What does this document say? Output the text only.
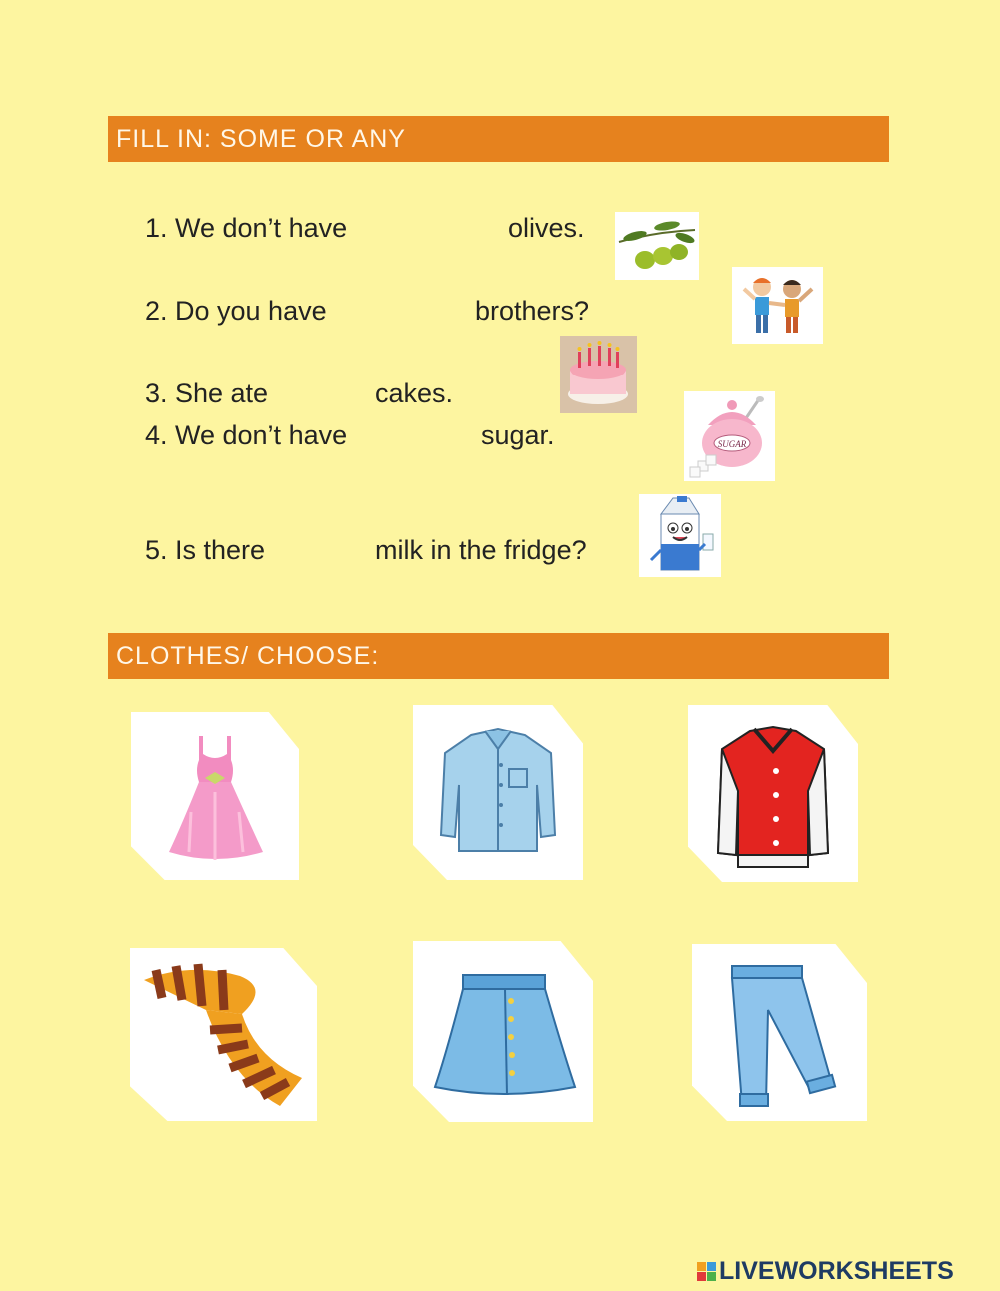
FILL IN: SOME OR ANY
1. We don’t have	olives.
2. Do you have	brothers?
3. She ate	cakes.
4. We don’t have	sugar.
5. Is there	milk in the fridge?
SUGAR
CLOTHES/ CHOOSE:
LIVEWORKSHEETS
